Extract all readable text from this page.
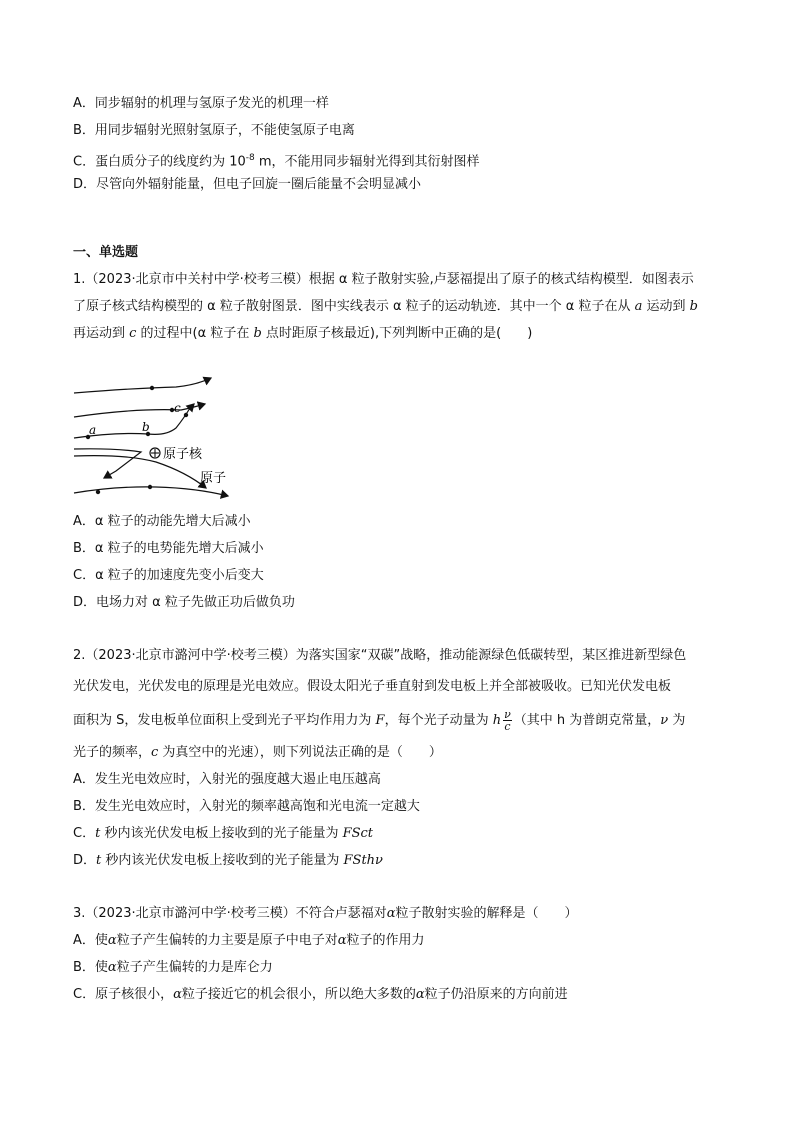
A．同步辐射的机理与氢原子发光的机理一样
B．用同步辐射光照射氢原子，不能使氢原子电离
C．蛋白质分子的线度约为 $10^{-8}$ m，不能用同步辐射光得到其衍射图样
D．尽管向外辐射能量，但电子回旋一圈后能量不会明显减小
一、单选题
1.（2023·北京市中关村中学·校考三模）根据 α 粒子散射实验,卢瑟福提出了原子的核式结构模型．如图表示
了原子核式结构模型的 α 粒子散射图景．图中实线表示 α 粒子的运动轨迹．其中一个 α 粒子在从 a 运动到 b
再运动到 c 的过程中(α 粒子在 b 点时距原子核最近),下列判断中正确的是(　　)
a	b
c
原子核
原子
A．α 粒子的动能先增大后减小
B．α 粒子的电势能先增大后减小
C．α 粒子的加速度先变小后变大
D．电场力对 α 粒子先做正功后做负功
2.（2023·北京市潞河中学·校考三模）为落实国家“双碳”战略，推动能源绿色低碳转型，某区推进新型绿色
光伏发电，光伏发电的原理是光电效应。假设太阳光子垂直射到发电板上并全部被吸收。已知光伏发电板
面积为 S，发电板单位面积上受到光子平均作用力为 F，每个光子动量为 h $\frac{\nu}{c}$ （其中 h 为普朗克常量，ν 为
光子的频率，c 为真空中的光速），则下列说法正确的是（　　）
A．发生光电效应时，入射光的强度越大遏止电压越高
B．发生光电效应时，入射光的频率越高饱和光电流一定越大
C．t 秒内该光伏发电板上接收到的光子能量为 FSct
D．t 秒内该光伏发电板上接收到的光子能量为 FSthν
3.（2023·北京市潞河中学·校考三模）不符合卢瑟福对α粒子散射实验的解释是（　　）
A．使α粒子产生偏转的力主要是原子中电子对α粒子的作用力
B．使α粒子产生偏转的力是库仑力
C．原子核很小，α粒子接近它的机会很小，所以绝大多数的α粒子仍沿原来的方向前进
